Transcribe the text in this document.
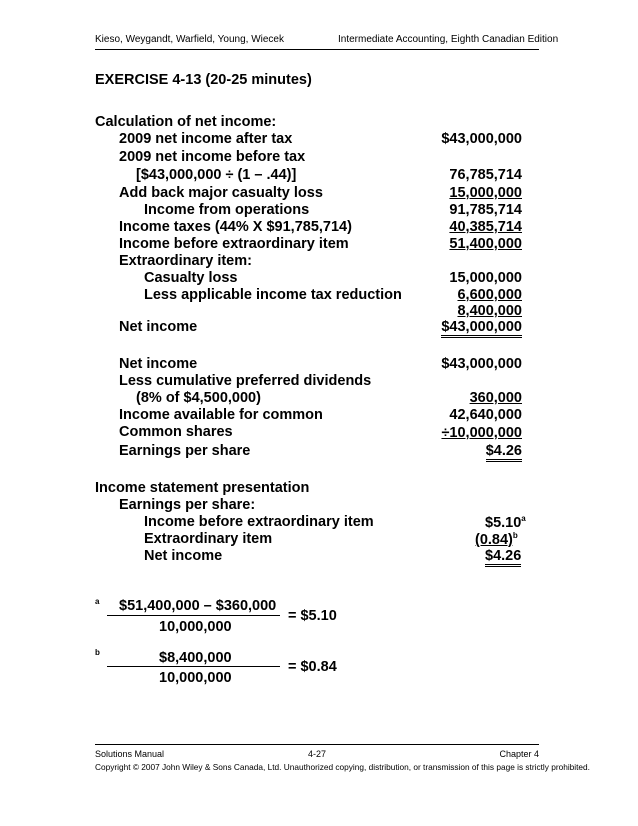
Kieso, Weygandt, Warfield, Young, Wiecek	Intermediate Accounting, Eighth Canadian Edition
EXERCISE 4-13 (20-25 minutes)
Calculation of net income:
2009 net income after tax	$43,000,000
2009 net income before tax
[$43,000,000 ÷ (1 – .44)]	76,785,714
Add back major casualty loss	15,000,000
Income from operations	91,785,714
Income taxes (44% X $91,785,714)	40,385,714
Income before extraordinary item	51,400,000
Extraordinary item:
Casualty loss	15,000,000
Less applicable income tax reduction	6,600,000
8,400,000
Net income	$43,000,000
Net income	$43,000,000
Less cumulative preferred dividends
(8% of $4,500,000)	360,000
Income available for common	42,640,000
Common shares	÷10,000,000
Earnings per share	$4.26
Income statement presentation
Earnings per share:
Income before extraordinary item	$5.10$^a$
Extraordinary item	$(0.84)^b$
Net income	$4.26
a $51,400,000 – $360,000
10,000,000
= $5.10
b	$8,400,000
10,000,000
= $0.84
Solutions Manual	4-27	Chapter 4
Copyright © 2007 John Wiley & Sons Canada, Ltd. Unauthorized copying, distribution, or transmission of this page is strictly prohibited.
